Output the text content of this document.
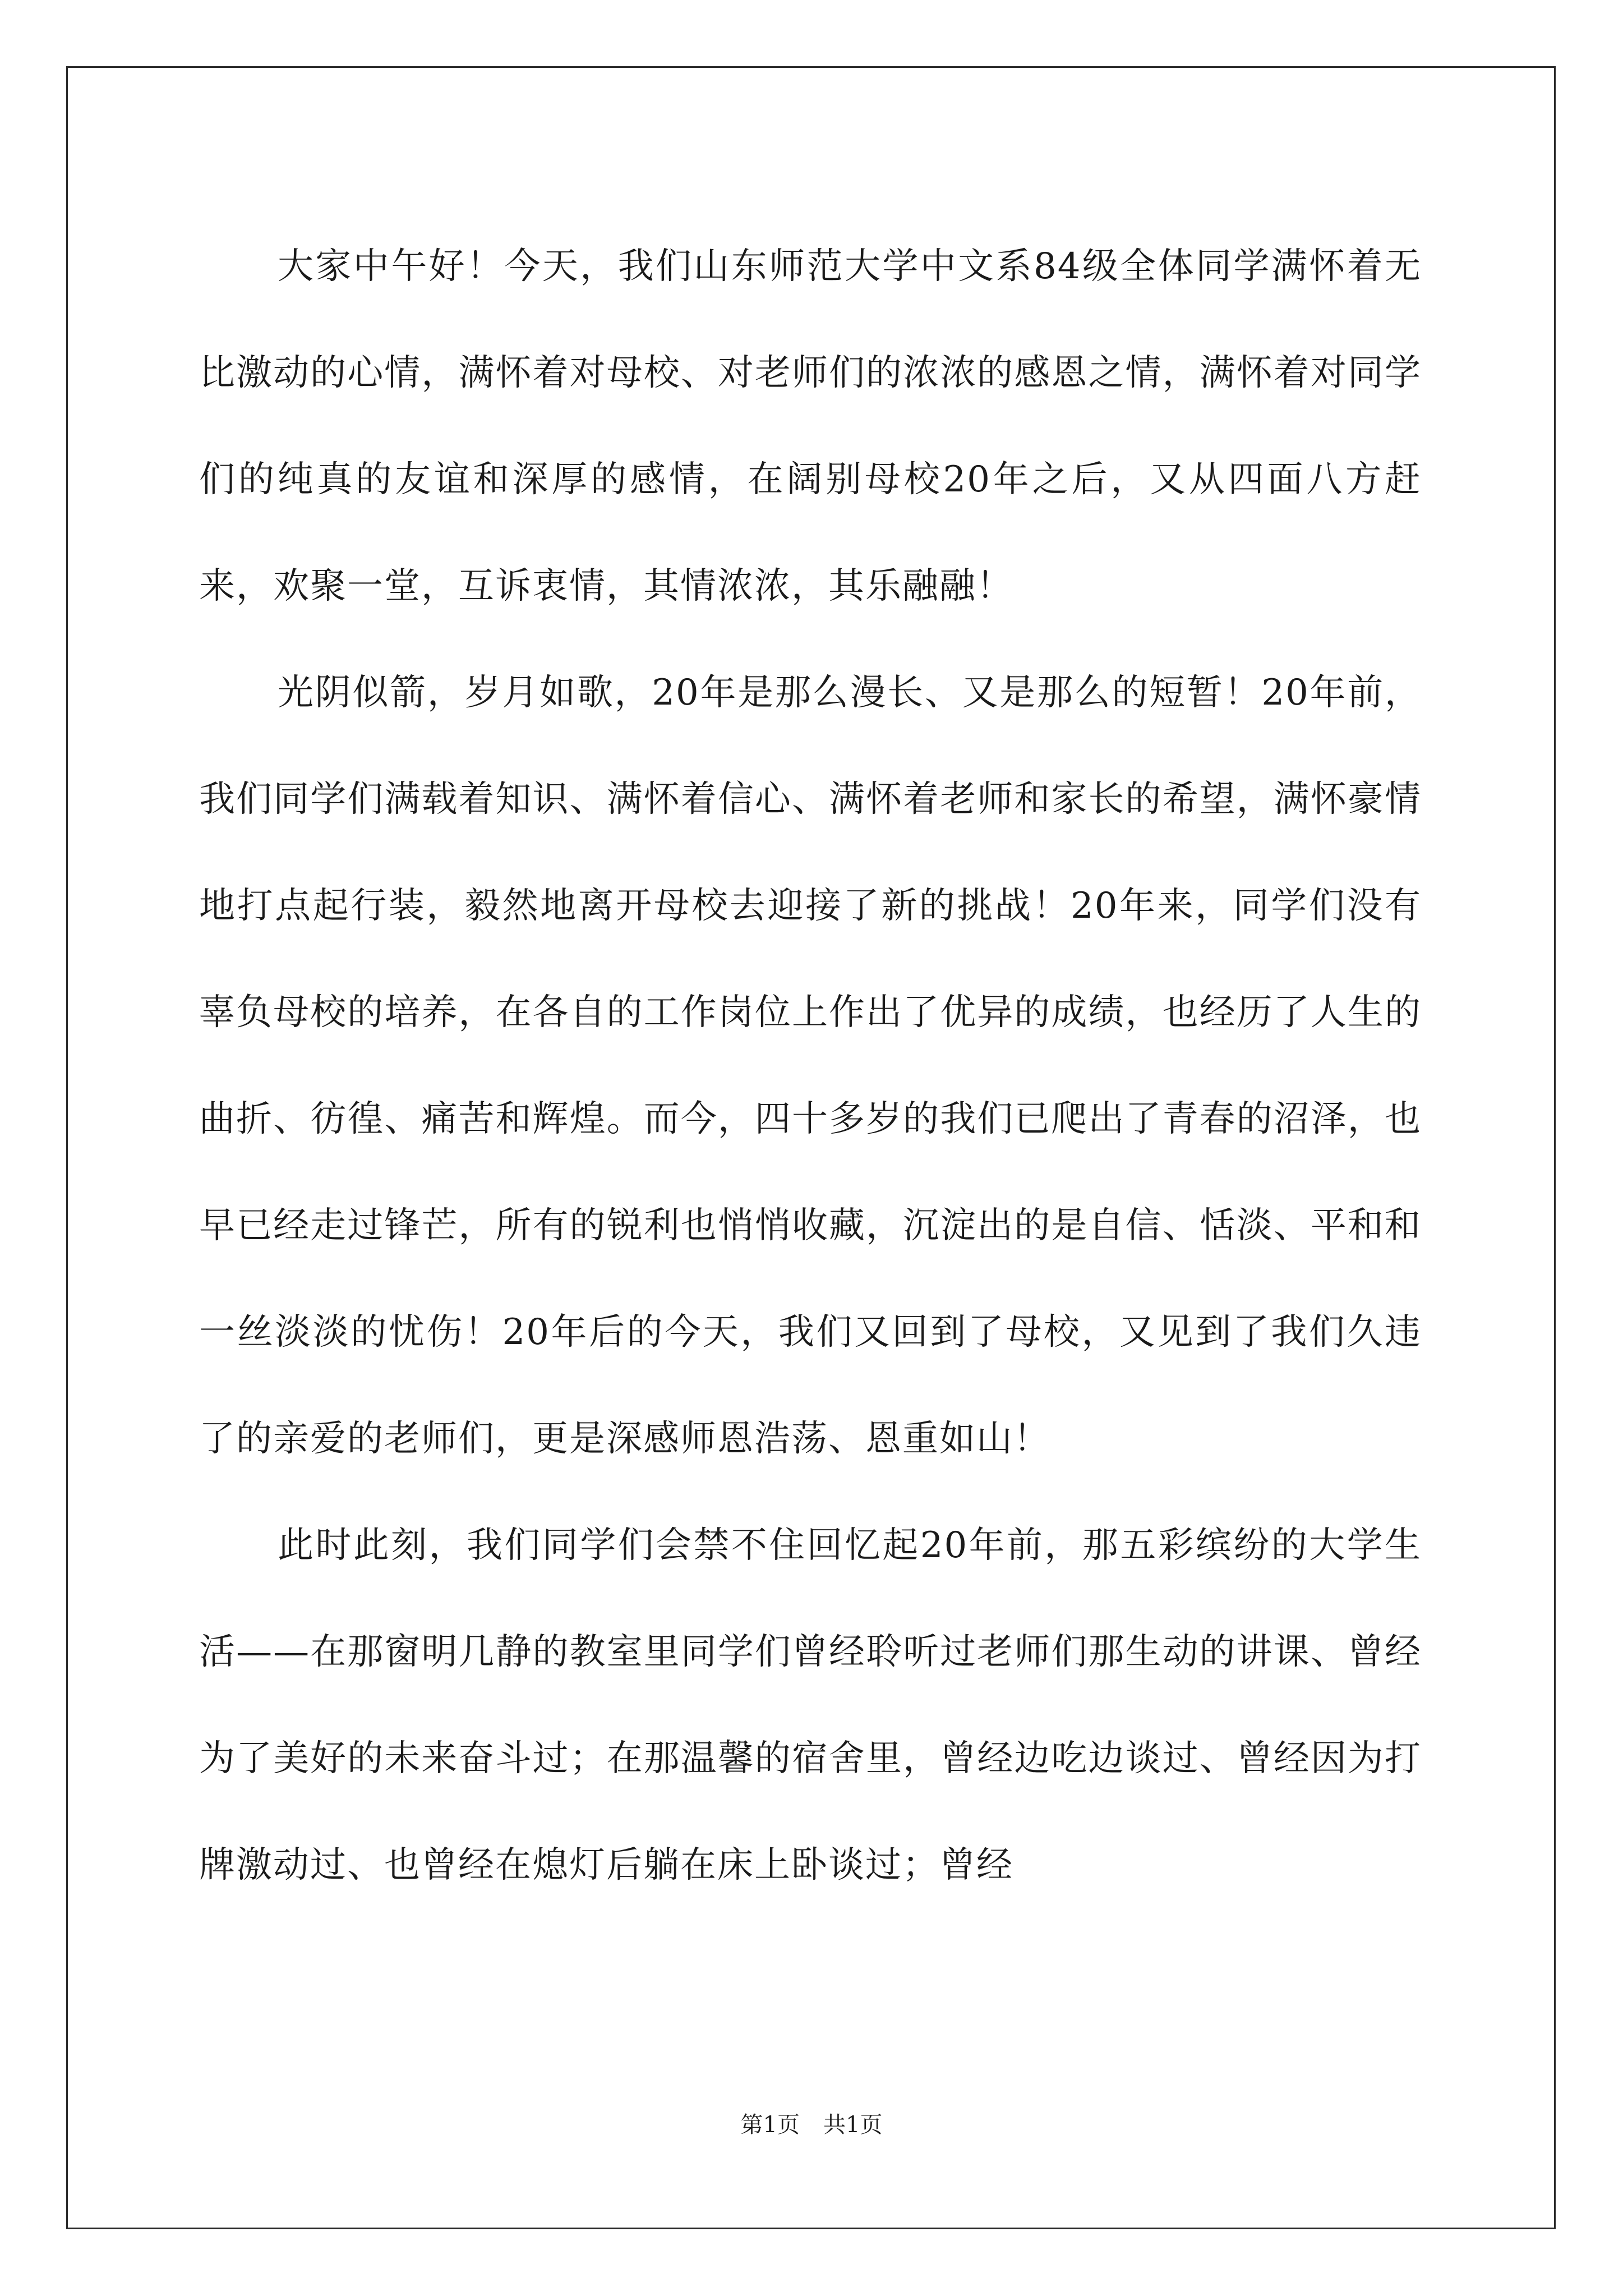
大家中午好！今天，我们山东师范大学中文系84级全体同学满怀着无比激动的心情，满怀着对母校、对老师们的浓浓的感恩之情，满怀着对同学们的纯真的友谊和深厚的感情，在阔别母校20年之后，又从四面八方赶来，欢聚一堂，互诉衷情，其情浓浓，其乐融融！

光阴似箭，岁月如歌，20年是那么漫长、又是那么的短暂！20年前，我们同学们满载着知识、满怀着信心、满怀着老师和家长的希望，满怀豪情地打点起行装，毅然地离开母校去迎接了新的挑战！20年来，同学们没有辜负母校的培养，在各自的工作岗位上作出了优异的成绩，也经历了人生的曲折、彷徨、痛苦和辉煌。而今，四十多岁的我们已爬出了青春的沼泽，也早已经走过锋芒，所有的锐利也悄悄收藏，沉淀出的是自信、恬淡、平和和一丝淡淡的忧伤！20年后的今天，我们又回到了母校，又见到了我们久违了的亲爱的老师们，更是深感师恩浩荡、恩重如山！

此时此刻，我们同学们会禁不住回忆起20年前，那五彩缤纷的大学生活——在那窗明几静的教室里同学们曾经聆听过老师们那生动的讲课、曾经为了美好的未来奋斗过；在那温馨的宿舍里，曾经边吃边谈过、曾经因为打牌激动过、也曾经在熄灯后躺在床上卧谈过；曾经

第1页 共1页
